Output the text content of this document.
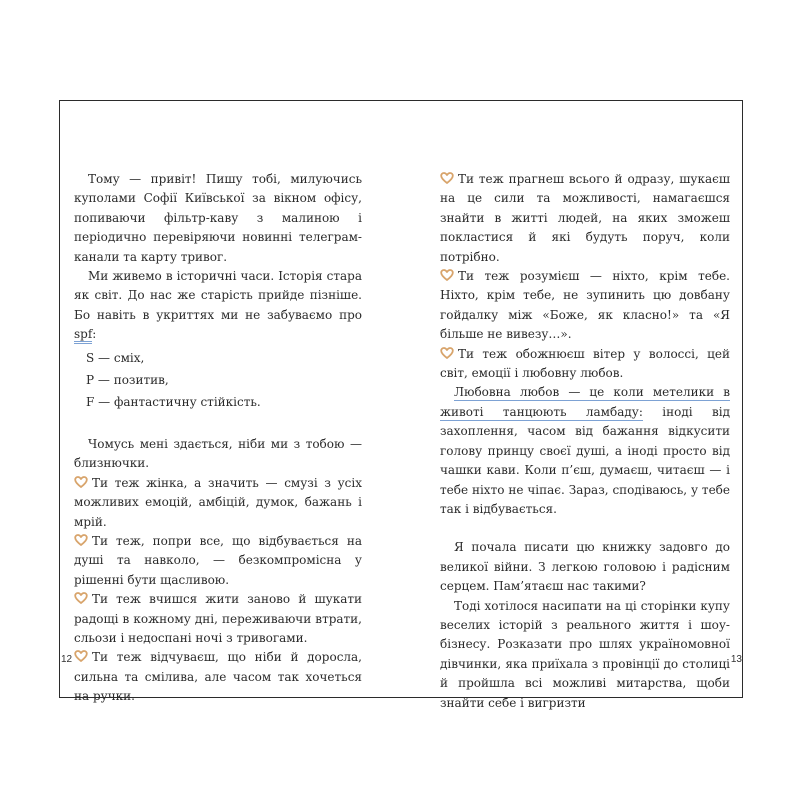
Тому — привіт! Пишу тобі, милуючись куполами Софії Київської за вікном офісу, попиваючи фільтр-каву з малиною і періодично перевіряючи новинні телеграм-канали та карту тривог.

Ми живемо в історичні часи. Історія стара як світ. До нас же старість прийде пізніше. Бо навіть в укриттях ми не забуваємо про spf:

S — сміх,

P — позитив,

F — фантастичну стійкість.

Чомусь мені здається, ніби ми з тобою — близнючки.

Ти теж жінка, а значить — смузі з усіх можливих емоцій, амбіцій, думок, бажань і мрій.

Ти теж, попри все, що відбувається на душі та навколо, — безкомпромісна у рішенні бути щасливою.

Ти теж вчишся жити заново й шукати радощі в кожному дні, переживаючи втрати, сльози і недоспані ночі з тривогами.

Ти теж відчуваєш, що ніби й доросла, сильна та смілива, але часом так хочеться на ручки.

12

Ти теж прагнеш всього й одразу, шукаєш на це сили та можливості, намагаєшся знайти в житті людей, на яких зможеш покластися й які будуть поруч, коли потрібно.

Ти теж розумієш — ніхто, крім тебе. Ніхто, крім тебе, не зупинить цю довбану гойдалку між «Боже, як класно!» та «Я більше не вивезу…».

Ти теж обожнюєш вітер у волоссі, цей світ, емоції і любовну любов.

Любовна любов — це коли метелики в животі танцюють ламбаду: іноді від захоплення, часом від бажання відкусити голову принцу своєї душі, а іноді просто від чашки кави. Коли п’єш, думаєш, читаєш — і тебе ніхто не чіпає. Зараз, сподіваюсь, у тебе так і відбувається.

Я почала писати цю книжку задовго до великої війни. З легкою головою і радісним серцем. Пам’ятаєш нас такими?

Тоді хотілося насипати на ці сторінки купу веселих історій з реального життя і шоу-бізнесу. Розказати про шлях україномовної дівчинки, яка приїхала з провінції до столиці й пройшла всі можливі митарства, щоби знайти себе і вигризти

13
